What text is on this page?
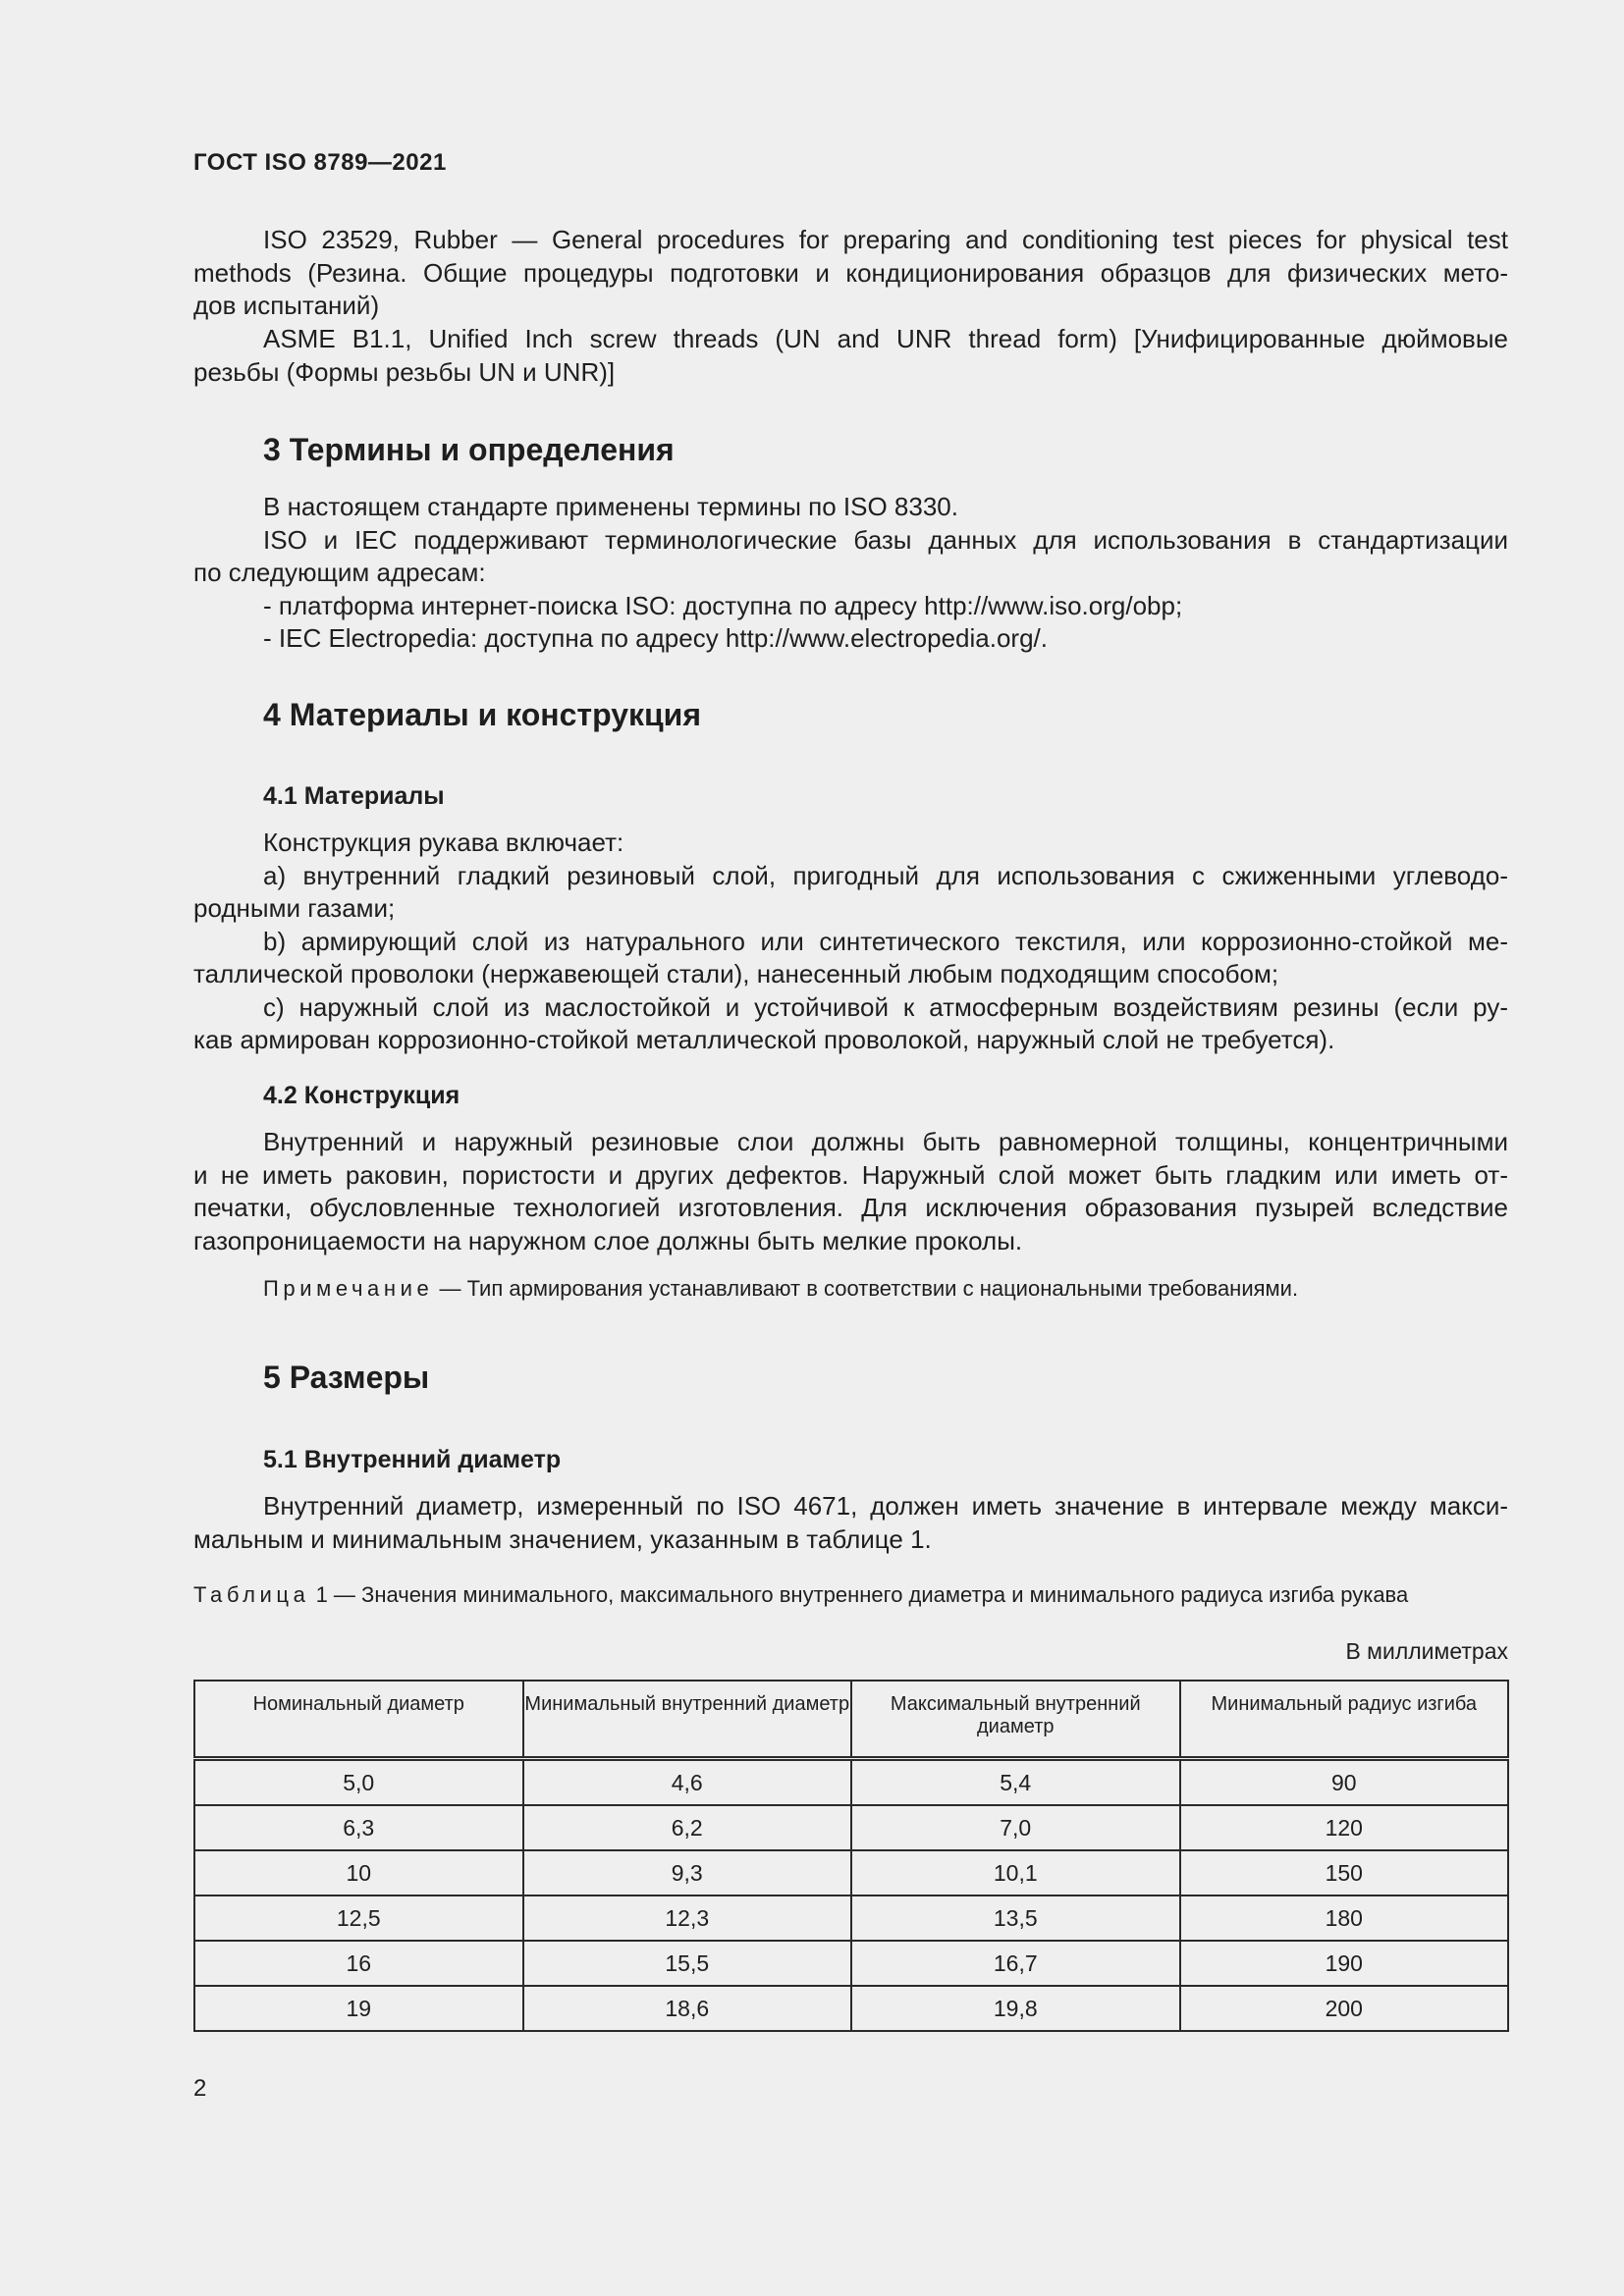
ГОСТ ISO 8789—2021
ISO 23529, Rubber — General procedures for preparing and conditioning test pieces for physical test
methods (Резина. Общие процедуры подготовки и кондиционирования образцов для физических мето-
дов испытаний)
ASME B1.1, Unified Inch screw threads (UN and UNR thread form) [Унифицированные дюймовые
резьбы (Формы резьбы UN и UNR)]
3 Термины и определения
В настоящем стандарте применены термины по ISO 8330.
ISO и IEC поддерживают терминологические базы данных для использования в стандартизации
по следующим адресам:
- платформа интернет-поиска ISO: доступна по адресу http://www.iso.org/obp;
- IEC Electropedia: доступна по адресу http://www.electropedia.org/.
4 Материалы и конструкция
4.1 Материалы
Конструкция рукава включает:
а) внутренний гладкий резиновый слой, пригодный для использования с сжиженными углеводо-
родными газами;
b) армирующий слой из натурального или синтетического текстиля, или коррозионно-стойкой ме-
таллической проволоки (нержавеющей стали), нанесенный любым подходящим способом;
с) наружный слой из маслостойкой и устойчивой к атмосферным воздействиям резины (если ру-
кав армирован коррозионно-стойкой металлической проволокой, наружный слой не требуется).
4.2 Конструкция
Внутренний и наружный резиновые слои должны быть равномерной толщины, концентричными
и не иметь раковин, пористости и других дефектов. Наружный слой может быть гладким или иметь от-
печатки, обусловленные технологией изготовления. Для исключения образования пузырей вследствие
газопроницаемости на наружном слое должны быть мелкие проколы.
Примечание — Тип армирования устанавливают в соответствии с национальными требованиями.
5 Размеры
5.1 Внутренний диаметр
Внутренний диаметр, измеренный по ISO 4671, должен иметь значение в интервале между макси-
мальным и минимальным значением, указанным в таблице 1.
Таблица 1 — Значения минимального, максимального внутреннего диаметра и минимального радиуса изгиба рукава
В миллиметрах
Номинальный диаметр	Минимальный внутренний диаметр	Максимальный внутренний диаметр	Минимальный радиус изгиба
5,0	4,6	5,4	90
6,3	6,2	7,0	120
10	9,3	10,1	150
12,5	12,3	13,5	180
16	15,5	16,7	190
19	18,6	19,8	200
2
